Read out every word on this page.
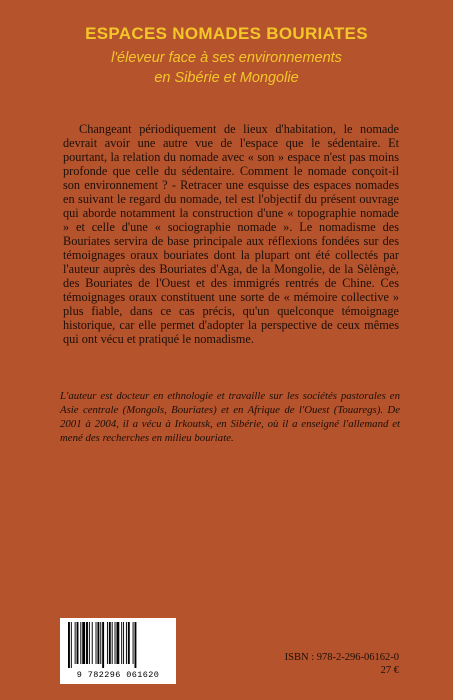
ESPACES NOMADES BOURIATES
l'éleveur face à ses environnements
en Sibérie et Mongolie

Changeant périodiquement de lieux d'habitation, le nomade devrait avoir une autre vue de l'espace que le sédentaire. Et pourtant, la relation du nomade avec « son » espace n'est pas moins profonde que celle du sédentaire. Comment le nomade conçoit-il son environnement ? - Retracer une esquisse des espaces nomades en suivant le regard du nomade, tel est l'objectif du présent ouvrage qui aborde notamment la construction d'une « topographie nomade » et celle d'une « sociographie nomade ». Le nomadisme des Bouriates servira de base principale aux réflexions fondées sur des témoignages oraux bouriates dont la plupart ont été collectés par l'auteur auprès des Bouriates d'Aga, de la Mongolie, de la Sèlèngè, des Bouriates de l'Ouest et des immigrés rentrés de Chine. Ces témoignages oraux constituent une sorte de « mémoire collective » plus fiable, dans ce cas précis, qu'un quelconque témoignage historique, car elle permet d'adopter la perspective de ceux mêmes qui ont vécu et pratiqué le nomadisme.

L'auteur est docteur en ethnologie et travaille sur les sociétés pastorales en Asie centrale (Mongols, Bouriates) et en Afrique de l'Ouest (Touaregs). De 2001 à 2004, il a vécu à Irkoutsk, en Sibérie, où il a enseigné l'allemand et mené des recherches en milieu bouriate.

9 782296 061620
ISBN : 978-2-296-06162-0
27 €
